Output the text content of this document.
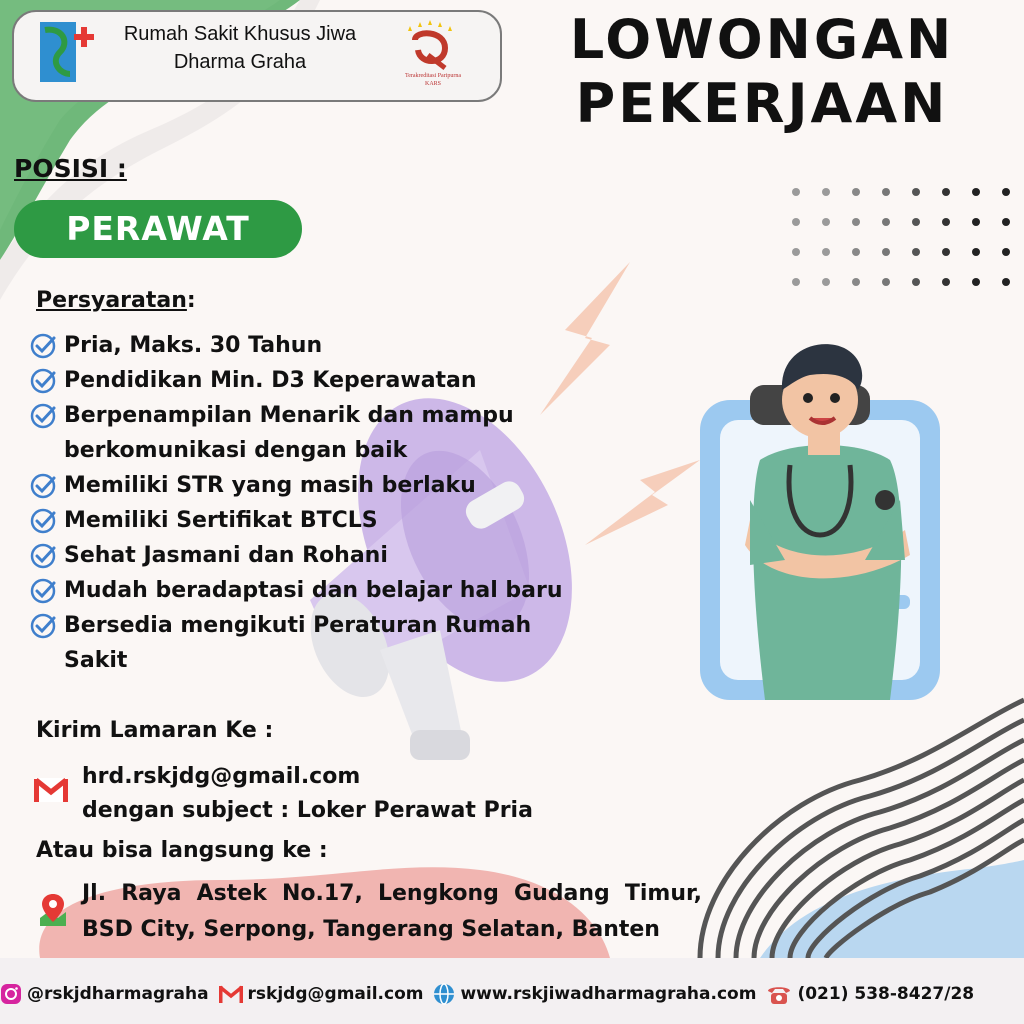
Rumah Sakit Khusus Jiwa
Dharma Graha
Terakreditasi Paripurna
KARS
LOWONGAN
PEKERJAAN
POSISI :
PERAWAT
Persyaratan:
Pria, Maks. 30 Tahun
Pendidikan Min. D3 Keperawatan
Berpenampilan Menarik dan mampu berkomunikasi dengan baik
Memiliki STR yang masih berlaku
Memiliki Sertifikat BTCLS
Sehat Jasmani dan Rohani
Mudah beradaptasi dan belajar hal baru
Bersedia mengikuti Peraturan Rumah Sakit
Kirim Lamaran Ke :
hrd.rskjdg@gmail.com
dengan subject : Loker Perawat Pria
Atau bisa langsung ke :
Jl. Raya Astek No.17, Lengkong Gudang Timur, BSD City, Serpong, Tangerang Selatan, Banten
@rskjdharmagraha rskjdg@gmail.com www.rskjiwadharmagraha.com (021) 538-8427/28
